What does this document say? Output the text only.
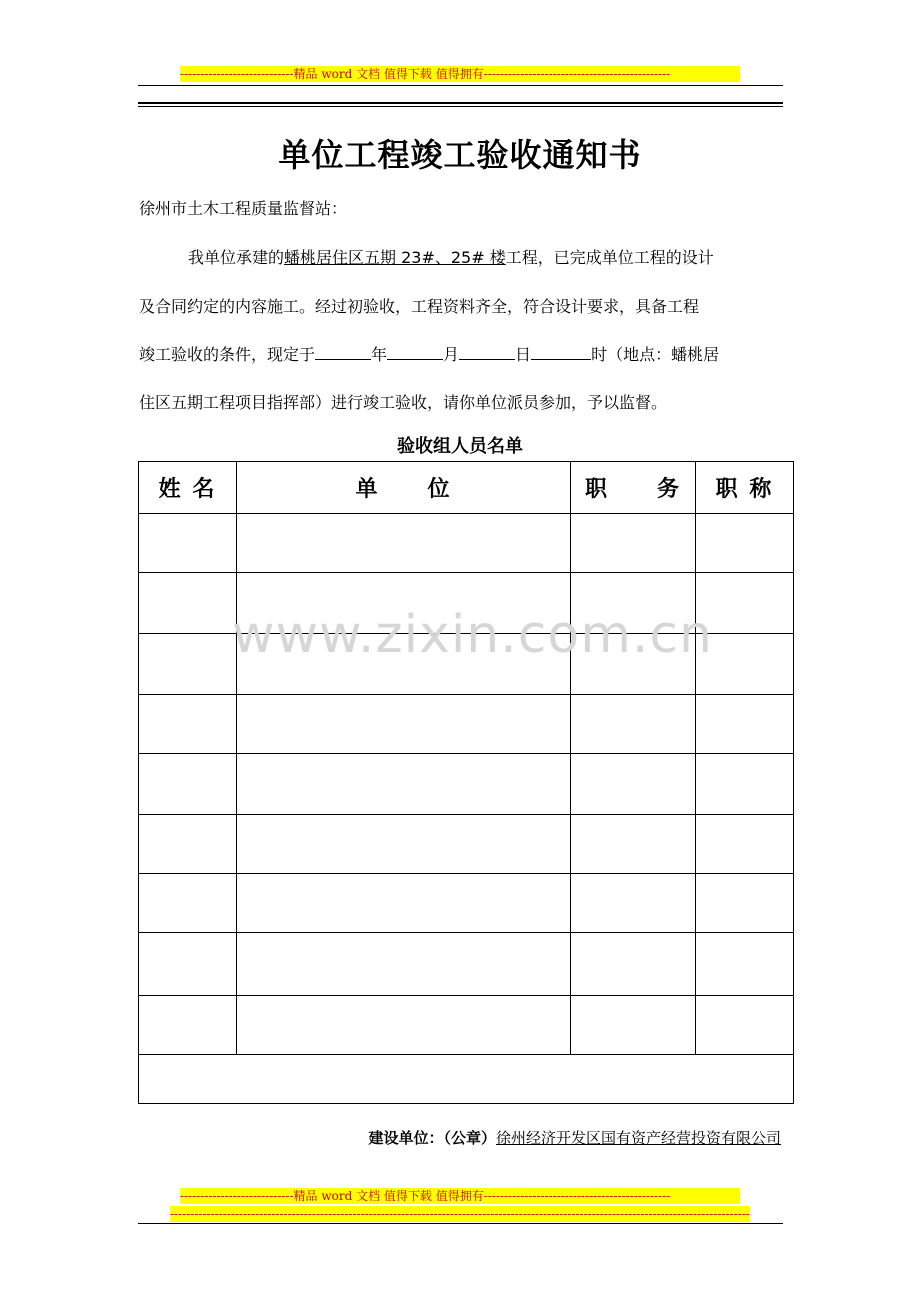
----------------------------精品 word 文档 值得下载 值得拥有----------------------------------------------
单位工程竣工验收通知书
徐州市土木工程质量监督站：
我单位承建的蟠桃居住区五期 23#、25# 楼工程，已完成单位工程的设计
及合同约定的内容施工。经过初验收，工程资料齐全，符合设计要求，具备工程
竣工验收的条件，现定于	年	月	日	时（地点：蟠桃居
住区五期工程项目指挥部）进行竣工验收，请你单位派员参加，予以监督。
验收组人员名单
姓 名	单　　位	职　　务	职 称

www.zixin.com.cn
建设单位：（公章）徐州经济开发区国有资产经营投资有限公司
----------------------------精品 word 文档 值得下载 值得拥有----------------------------------------------
-----------------------------------------------------------------------------------------------------------------------------------------------
